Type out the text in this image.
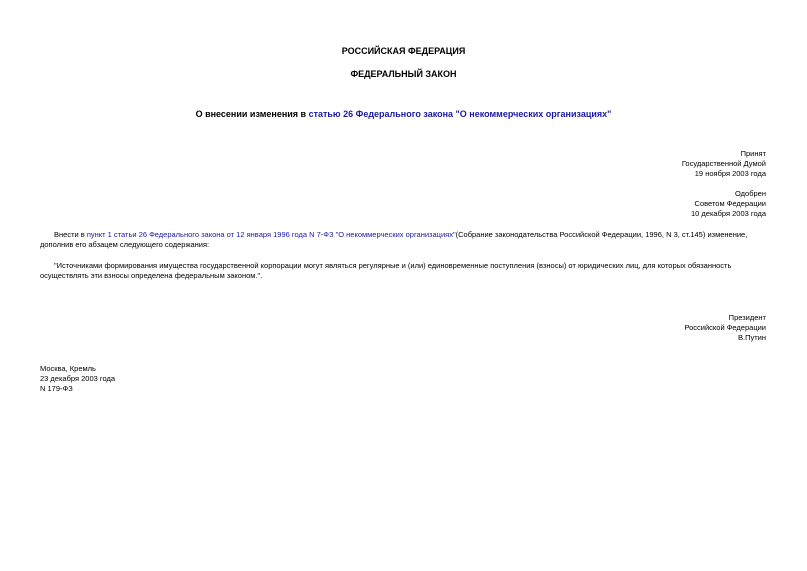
РОССИЙСКАЯ ФЕДЕРАЦИЯ
ФЕДЕРАЛЬНЫЙ ЗАКОН
О внесении изменения в статью 26 Федерального закона "О некоммерческих организациях"
Принят
Государственной Думой
19 ноября 2003 года
Одобрен
Советом Федерации
10 декабря 2003 года
Внести в пункт 1 статьи 26 Федерального закона от 12 января 1996 года N 7-ФЗ "О некоммерческих организациях"(Собрание законодательства Российской Федерации, 1996, N 3, ст.145) изменение, дополнив его абзацем следующего содержания:
"Источниками формирования имущества государственной корпорации могут являться регулярные и (или) единовременные поступления (взносы) от юридических лиц, для которых обязанность осуществлять эти взносы определена федеральным законом.".
Президент
Российской Федерации
В.Путин
Москва, Кремль
23 декабря 2003 года
N 179-ФЗ
